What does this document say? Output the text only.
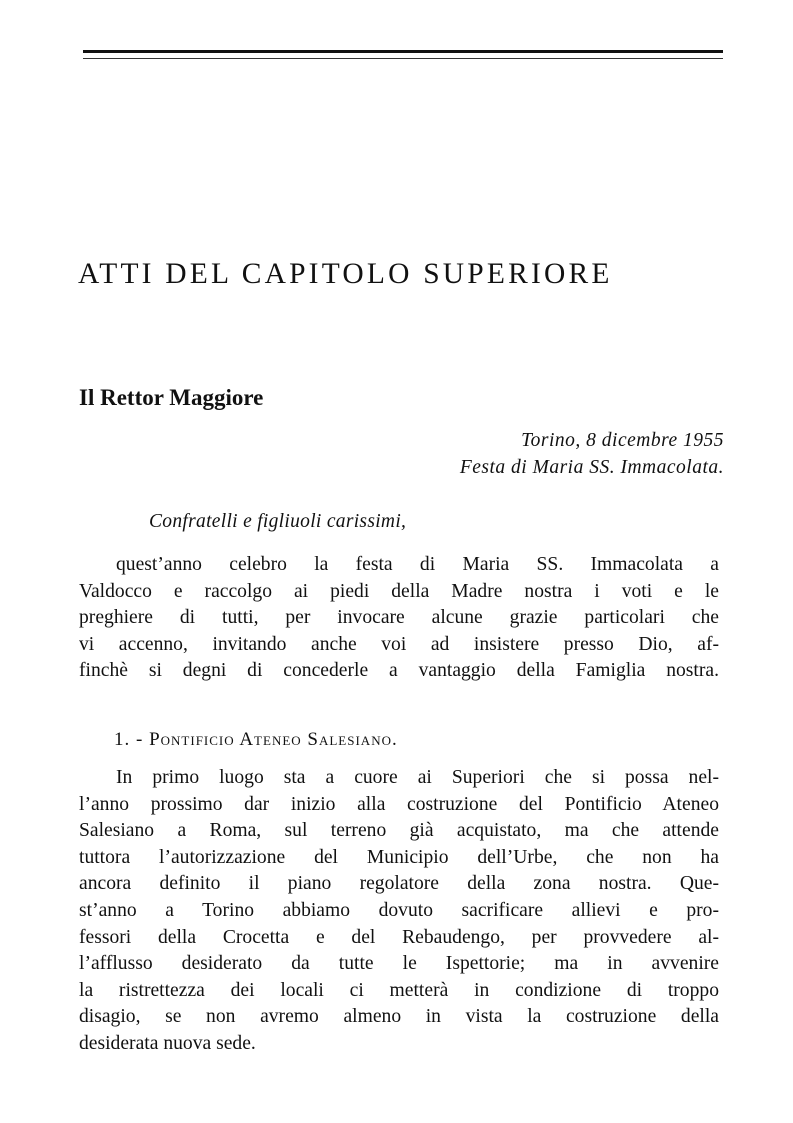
ATTI DEL CAPITOLO SUPERIORE
Il Rettor Maggiore
Torino, 8 dicembre 1955
Festa di Maria SS. Immacolata.
Confratelli e figliuoli carissimi,

quest’anno celebro la festa di Maria SS. Immacolata a
Valdocco e raccolgo ai piedi della Madre nostra i voti e le
preghiere di tutti, per invocare alcune grazie particolari che
vi accenno, invitando anche voi ad insistere presso Dio, af-
finchè si degni di concederle a vantaggio della Famiglia nostra.

1. - Pontificio Ateneo Salesiano.

In primo luogo sta a cuore ai Superiori che si possa nel-
l’anno prossimo dar inizio alla costruzione del Pontificio Ateneo
Salesiano a Roma, sul terreno già acquistato, ma che attende
tuttora l’autorizzazione del Municipio dell’Urbe, che non ha
ancora definito il piano regolatore della zona nostra. Que-
st’anno a Torino abbiamo dovuto sacrificare allievi e pro-
fessori della Crocetta e del Rebaudengo, per provvedere al-
l’afflusso desiderato da tutte le Ispettorie; ma in avvenire
la ristrettezza dei locali ci metterà in condizione di troppo
disagio, se non avremo almeno in vista la costruzione della
desiderata nuova sede.
